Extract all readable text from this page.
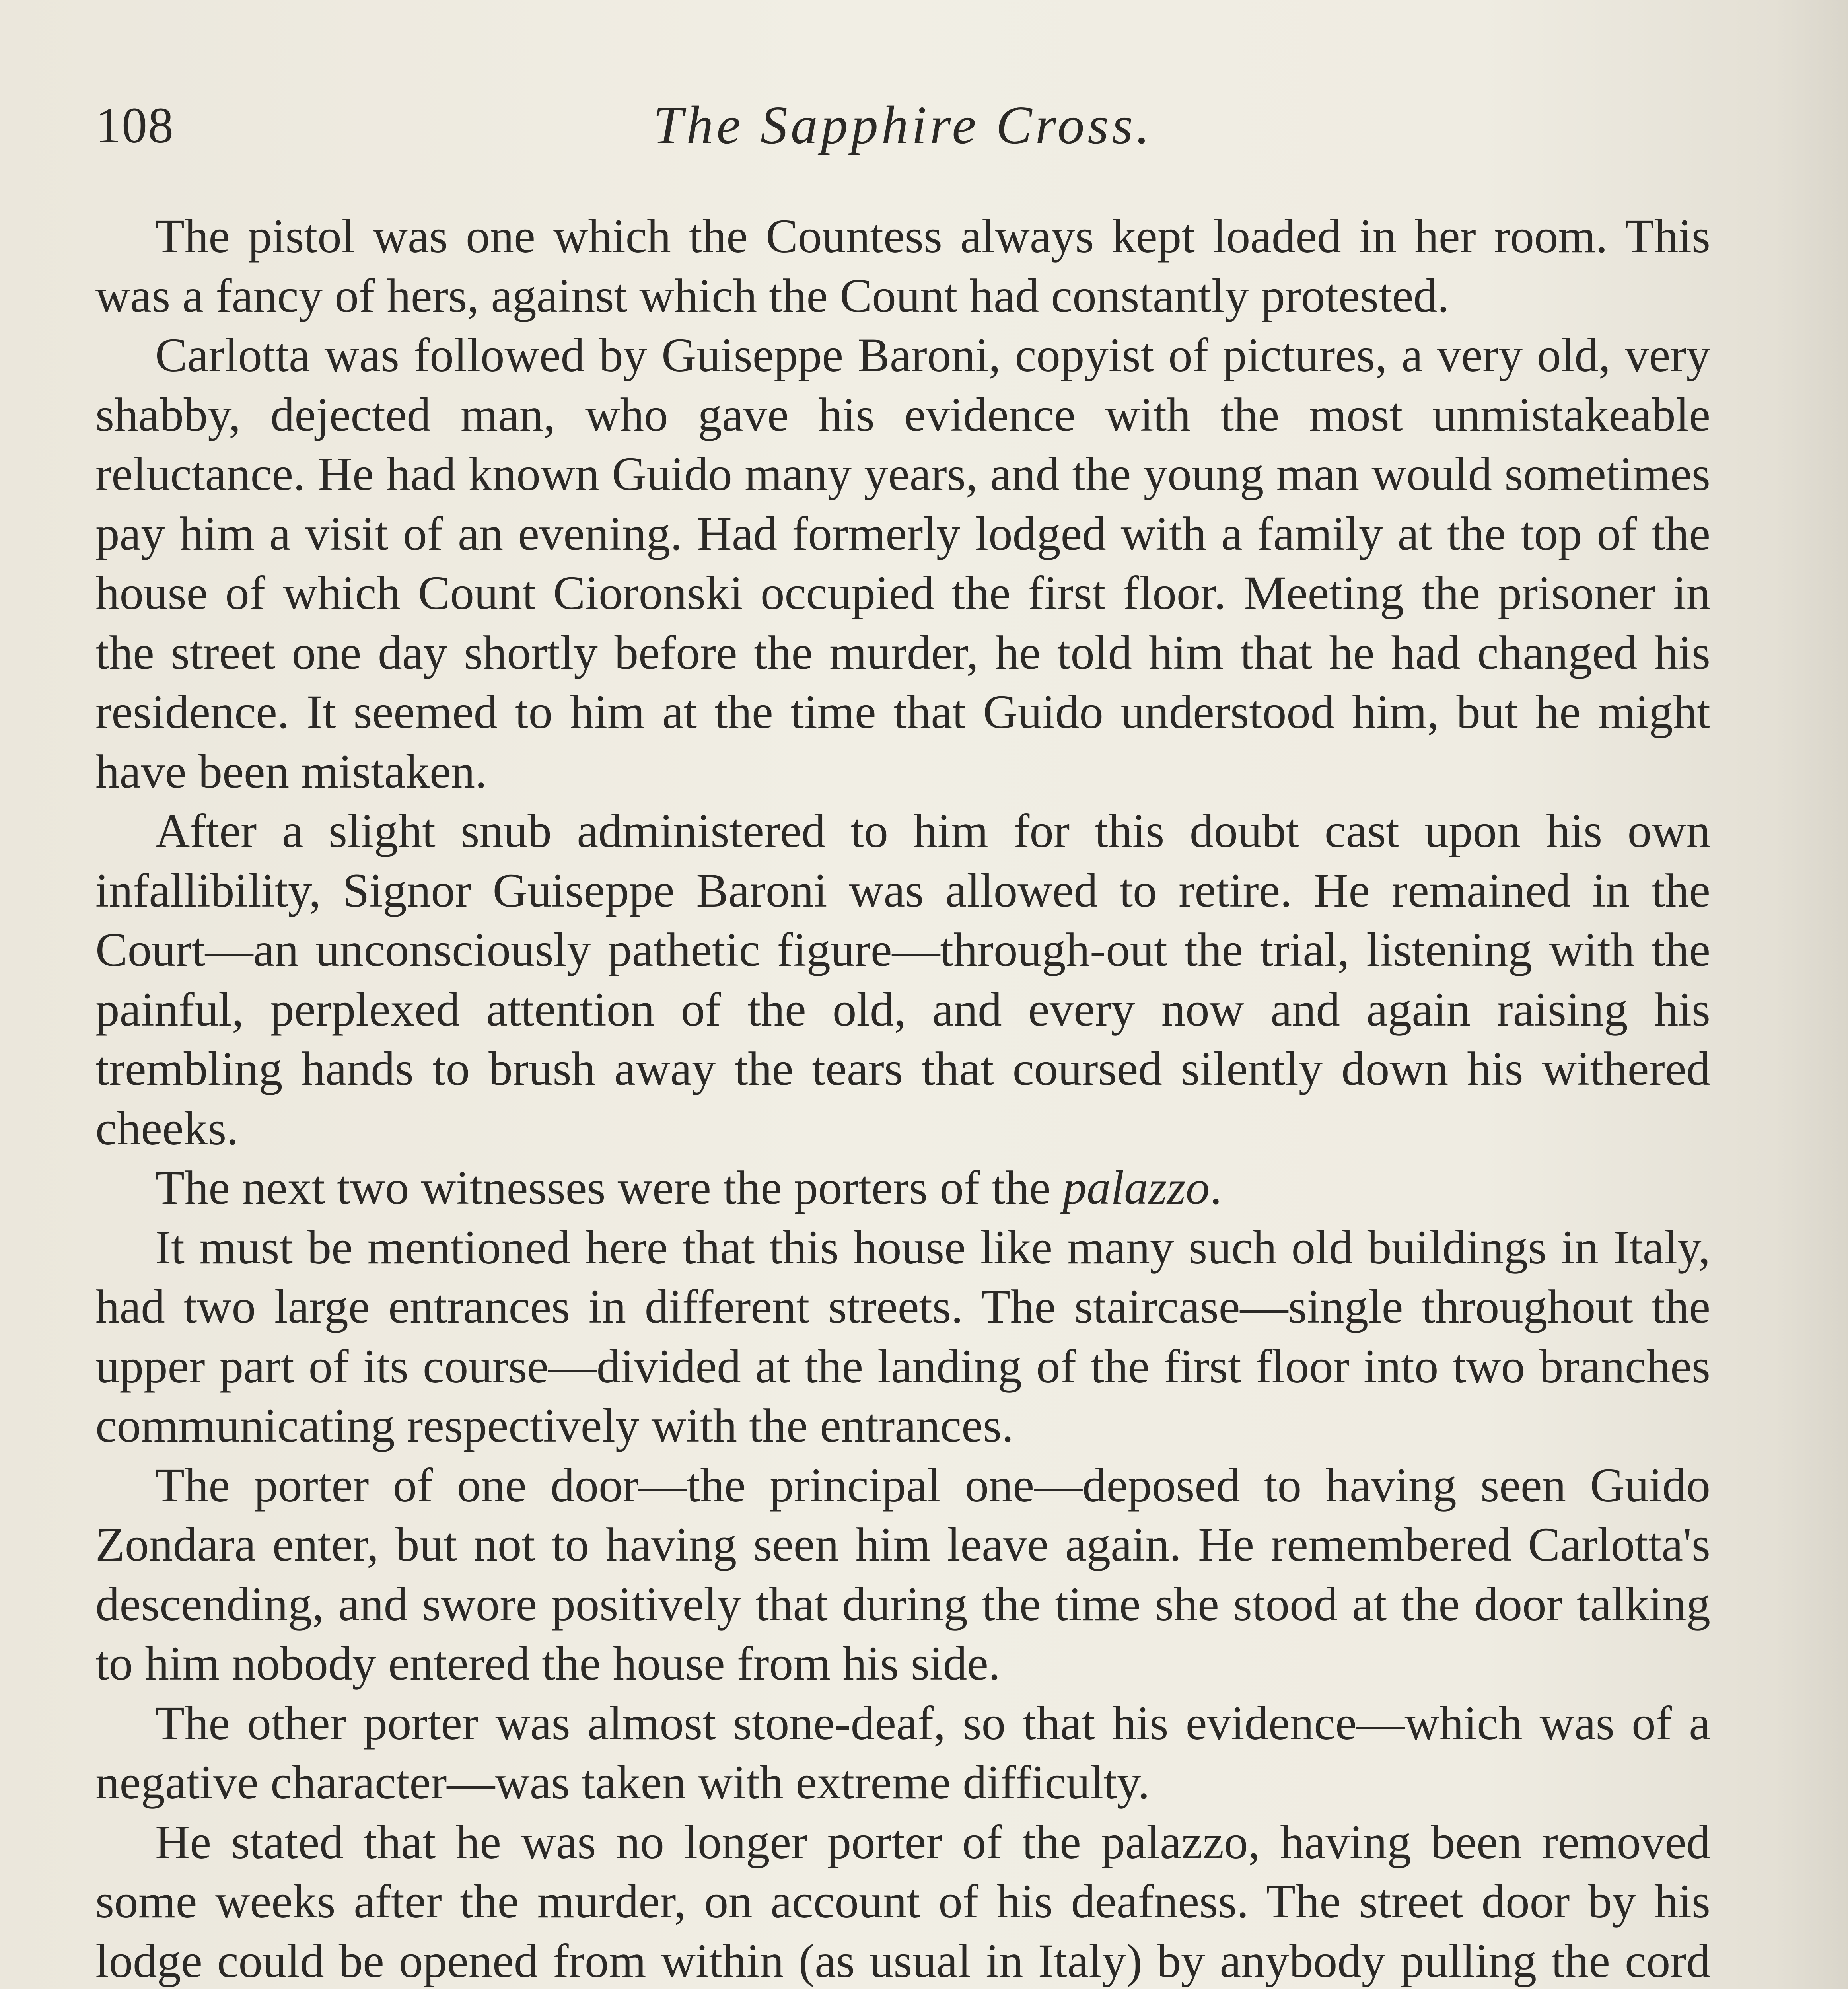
108	The Sapphire Cross.

The pistol was one which the Countess always kept loaded in her room. This was a fancy of hers, against which the Count had constantly protested.

Carlotta was followed by Guiseppe Baroni, copyist of pictures, a very old, very shabby, dejected man, who gave his evidence with the most unmistakeable reluctance. He had known Guido many years, and the young man would sometimes pay him a visit of an evening. Had formerly lodged with a family at the top of the house of which Count Cioronski occupied the first floor. Meeting the prisoner in the street one day shortly before the murder, he told him that he had changed his residence. It seemed to him at the time that Guido understood him, but he might have been mistaken.

After a slight snub administered to him for this doubt cast upon his own infallibility, Signor Guiseppe Baroni was allowed to retire. He remained in the Court—an unconsciously pathetic figure—through-out the trial, listening with the painful, perplexed attention of the old, and every now and again raising his trembling hands to brush away the tears that coursed silently down his withered cheeks.

The next two witnesses were the porters of the palazzo.

It must be mentioned here that this house like many such old buildings in Italy, had two large entrances in different streets. The staircase—single throughout the upper part of its course—divided at the landing of the first floor into two branches communicating respectively with the entrances.

The porter of one door—the principal one—deposed to having seen Guido Zondara enter, but not to having seen him leave again. He remembered Carlotta's descending, and swore positively that during the time she stood at the door talking to him nobody entered the house from his side.

The other porter was almost stone-deaf, so that his evidence—which was of a negative character—was taken with extreme difficulty.

He stated that he was no longer porter of the palazzo, having been removed some weeks after the murder, on account of his deafness. The street door by his lodge could be opened from within (as usual in Italy) by anybody pulling the cord
